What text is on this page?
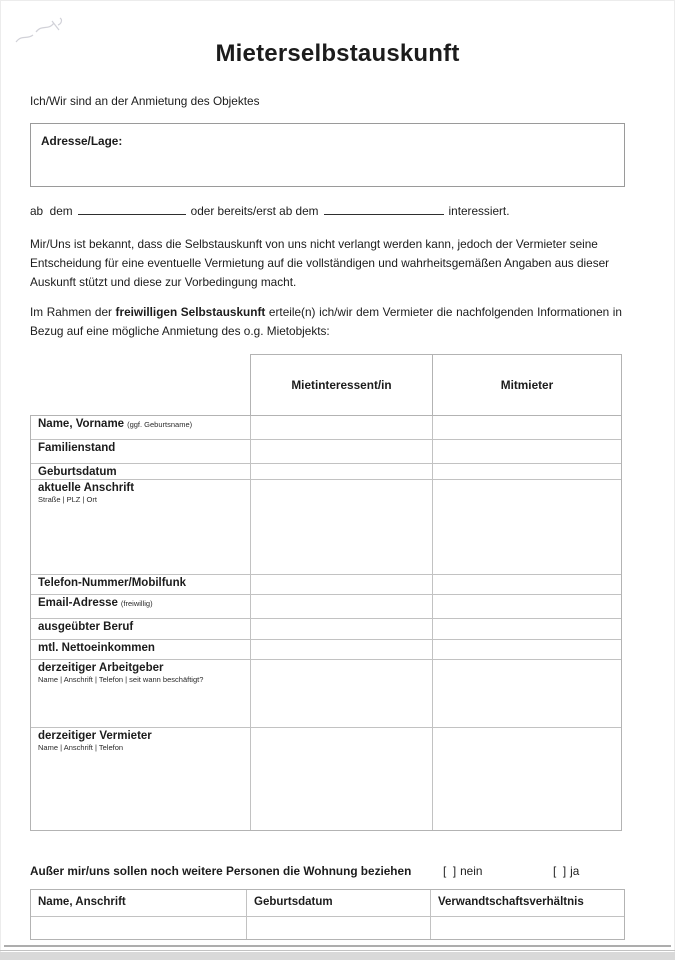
Mieterselbstauskunft

Ich/Wir sind an der Anmietung des Objektes

Adresse/Lage:

ab  dem	oder bereits/erst ab dem	interessiert.

Mir/Uns ist bekannt, dass die Selbstauskunft von uns nicht verlangt werden kann, jedoch der Vermieter seine Entscheidung für eine eventuelle Vermietung auf die vollständigen und wahrheitsgemäßen Angaben aus dieser Auskunft stützt und diese zur Vorbedingung macht.

Im Rahmen der freiwilligen Selbstauskunft erteile(n) ich/wir dem Vermieter die nachfolgenden Informationen in Bezug auf eine mögliche Anmietung des o.g. Mietobjekts:

Mietinteressent/in	Mitmieter
Name, Vorname (ggf. Geburtsname)
Familienstand
Geburtsdatum
aktuelle Anschrift
Straße | PLZ | Ort
Telefon-Nummer/Mobilfunk
Email-Adresse (freiwillig)
ausgeübter Beruf
mtl. Nettoeinkommen
derzeitiger Arbeitgeber
Name | Anschrift | Telefon | seit wann beschäftigt?
derzeitiger Vermieter
Name | Anschrift | Telefon
Außer mir/uns sollen noch weitere Personen die Wohnung beziehen	[  ] nein	[  ] ja
Name, Anschrift	Geburtsdatum	Verwandtschaftsverhältnis
